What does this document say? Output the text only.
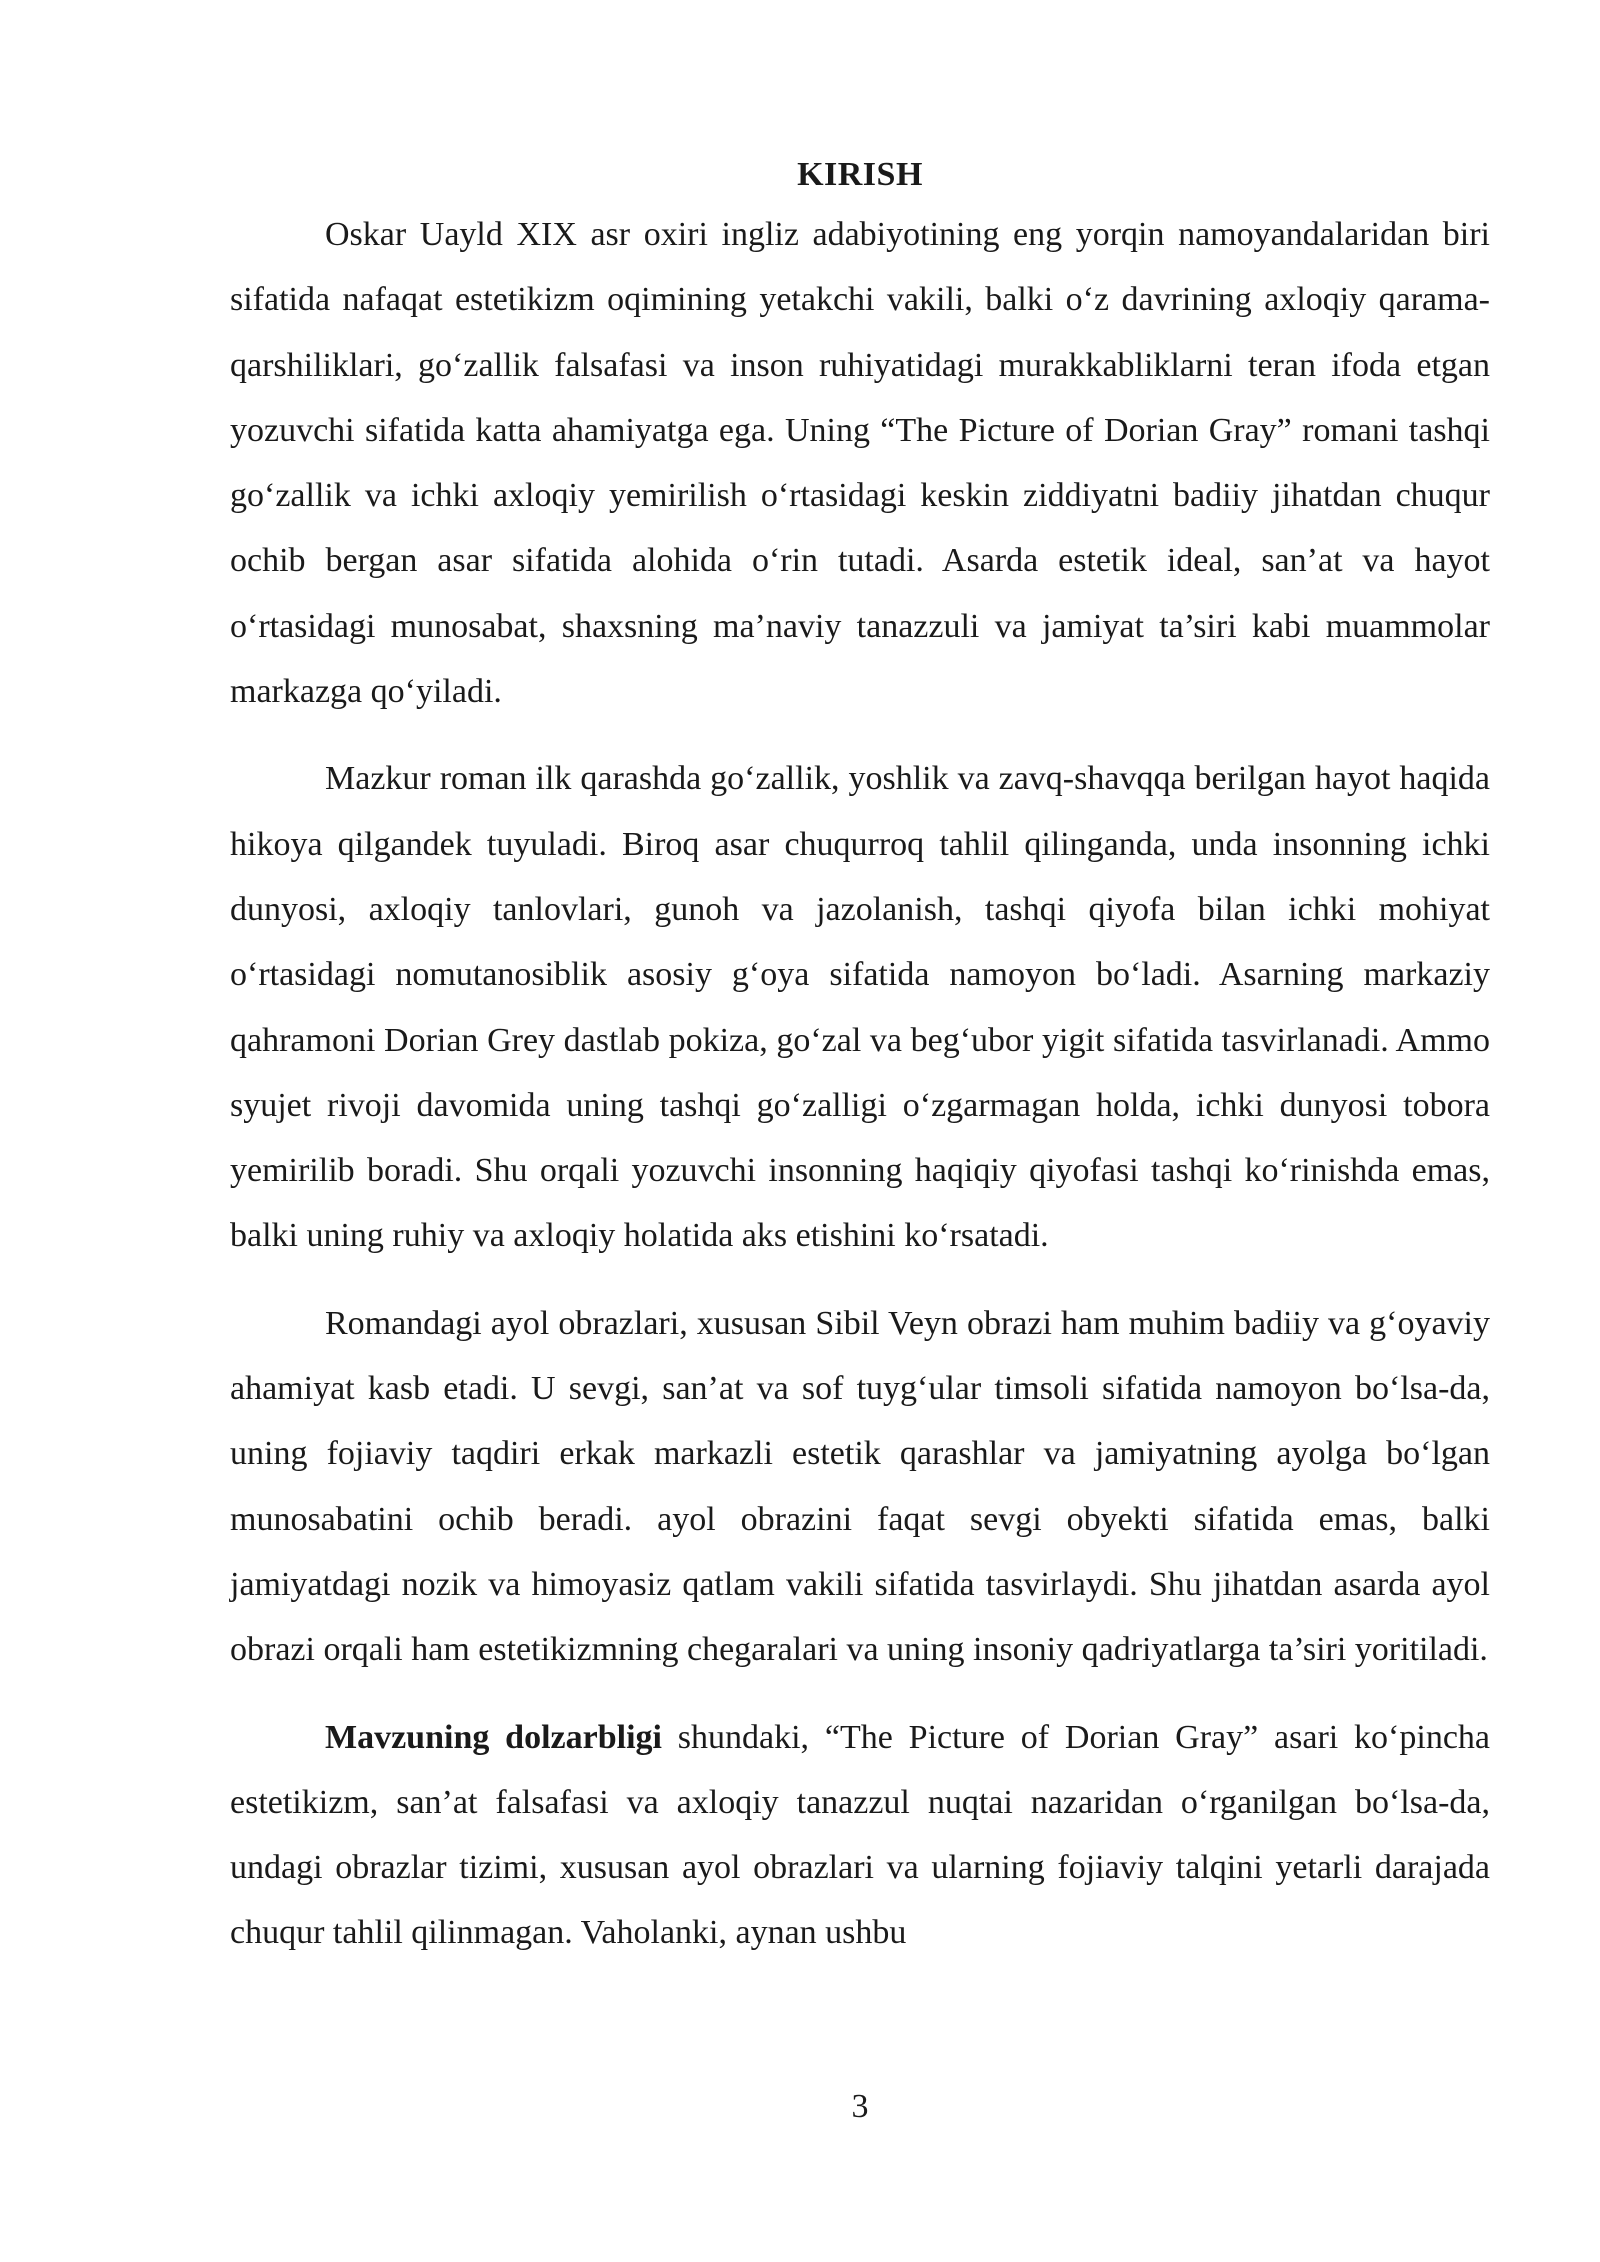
KIRISH

Oskar Uayld XIX asr oxiri ingliz adabiyotining eng yorqin namoyandalaridan biri sifatida nafaqat estetikizm oqimining yetakchi vakili, balki o‘z davrining axloqiy qarama-qarshiliklari, go‘zallik falsafasi va inson ruhiyatidagi murakkabliklarni teran ifoda etgan yozuvchi sifatida katta ahamiyatga ega. Uning “The Picture of Dorian Gray” romani tashqi go‘zallik va ichki axloqiy yemirilish o‘rtasidagi keskin ziddiyatni badiiy jihatdan chuqur ochib bergan asar sifatida alohida o‘rin tutadi. Asarda estetik ideal, san’at va hayot o‘rtasidagi munosabat, shaxsning ma’naviy tanazzuli va jamiyat ta’siri kabi muammolar markazga qo‘yiladi.

Mazkur roman ilk qarashda go‘zallik, yoshlik va zavq-shavqqa berilgan hayot haqida hikoya qilgandek tuyuladi. Biroq asar chuqurroq tahlil qilinganda, unda insonning ichki dunyosi, axloqiy tanlovlari, gunoh va jazolanish, tashqi qiyofa bilan ichki mohiyat o‘rtasidagi nomutanosiblik asosiy g‘oya sifatida namoyon bo‘ladi. Asarning markaziy qahramoni Dorian Grey dastlab pokiza, go‘zal va beg‘ubor yigit sifatida tasvirlanadi. Ammo syujet rivoji davomida uning tashqi go‘zalligi o‘zgarmagan holda, ichki dunyosi tobora yemirilib boradi. Shu orqali yozuvchi insonning haqiqiy qiyofasi tashqi ko‘rinishda emas, balki uning ruhiy va axloqiy holatida aks etishini ko‘rsatadi.

Romandagi ayol obrazlari, xususan Sibil Veyn obrazi ham muhim badiiy va g‘oyaviy ahamiyat kasb etadi. U sevgi, san’at va sof tuyg‘ular timsoli sifatida namoyon bo‘lsa-da, uning fojiaviy taqdiri erkak markazli estetik qarashlar va jamiyatning ayolga bo‘lgan munosabatini ochib beradi. ayol obrazini faqat sevgi obyekti sifatida emas, balki jamiyatdagi nozik va himoyasiz qatlam vakili sifatida tasvirlaydi. Shu jihatdan asarda ayol obrazi orqali ham estetikizmning chegaralari va uning insoniy qadriyatlarga ta’siri yoritiladi.

Mavzuning dolzarbligi shundaki, “The Picture of Dorian Gray” asari ko‘pincha estetikizm, san’at falsafasi va axloqiy tanazzul nuqtai nazaridan o‘rganilgan bo‘lsa-da, undagi obrazlar tizimi, xususan ayol obrazlari va ularning fojiaviy talqini yetarli darajada chuqur tahlil qilinmagan. Vaholanki, aynan ushbu

3
